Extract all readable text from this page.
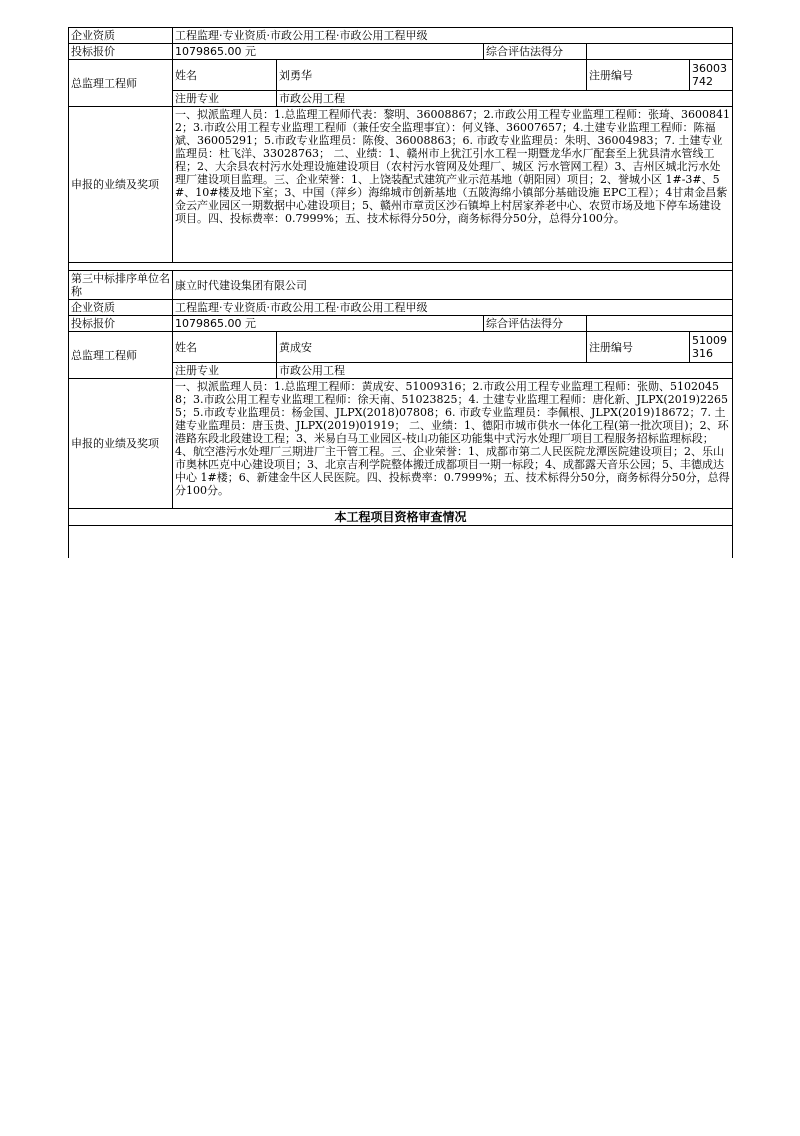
企业资质	工程监理·专业资质·市政公用工程·市政公用工程甲级				
投标报价	1079865.00 元		综合评估法得分		
总监理工程师	姓名	刘勇华		注册编号	36003742
	注册专业	市政公用工程			
申报的业绩及奖项	一、拟派监理人员：1.总监理工程师代表：黎明、36008867；2.市政公用工程专业监理工程师：张琦、36008412；3.市政公用工程专业监理工程师（兼任安全监理事宜）：何义锋、36007657；4.土建专业监理工程师：陈福斌、36005291；5.市政专业监理员：陈俊、36008863；6. 市政专业监理员：朱明、36004983；7. 土建专业监理员：杜飞洋、33028763； 二、业绩：1、赣州市上犹江引水工程一期暨龙华水厂配套至上犹县清水管线工程；2、大余县农村污水处理设施建设项目（农村污水管网及处理厂、城区 污水管网工程）3、吉州区城北污水处理厂建设项目监理。三、企业荣誉：1、上饶装配式建筑产业示范基地（朝阳园）项目；2、誉城小区 1#-3#、5#、10#楼及地下室；3、中国（萍乡）海绵城市创新基地（五陂海绵小镇部分基础设施 EPC工程）；4甘肃金昌紫金云产业园区一期数据中心建设项目；5、赣州市章贡区沙石镇埠上村居家养老中心、农贸市场及地下停车场建设项目。四、投标费率：0.7999%；五、技术标得分50分，商务标得分50分，总得分100分。				

第三中标排序单位名称	康立时代建设集团有限公司				
企业资质	工程监理·专业资质·市政公用工程·市政公用工程甲级				
投标报价	1079865.00 元		综合评估法得分		
总监理工程师	姓名	黄成安		注册编号	51009316
	注册专业	市政公用工程			
申报的业绩及奖项	一、拟派监理人员：1.总监理工程师：黄成安、51009316；2.市政公用工程专业监理工程师：张勋、51020458；3.市政公用工程专业监理工程师：徐天南、51023825；4. 土建专业监理工程师：唐化新、JLPX(2019)22655；5.市政专业监理员：杨金国、JLPX(2018)07808；6. 市政专业监理员：李佩根、JLPX(2019)18672；7. 土建专业监理员：唐玉贵、JLPX(2019)01919； 二、业绩：1、德阳市城市供水一体化工程(第一批次项目)；2、环港路东段北段建设工程；3、米易白马工业园区-枝山功能区功能集中式污水处理厂项目工程服务招标监理标段；4、航空港污水处理厂三期进厂主干管工程。三、企业荣誉：1、成都市第二人民医院龙潭医院建设项目；2、乐山市奥林匹克中心建设项目；3、北京吉利学院整体搬迁成都项目一期一标段；4、成都露天音乐公园；5、丰德成达中心 1#楼；6、新建金牛区人民医院。四、投标费率：0.7999%；五、技术标得分50分，商务标得分50分，总得分100分。				
本工程项目资格审查情况					
